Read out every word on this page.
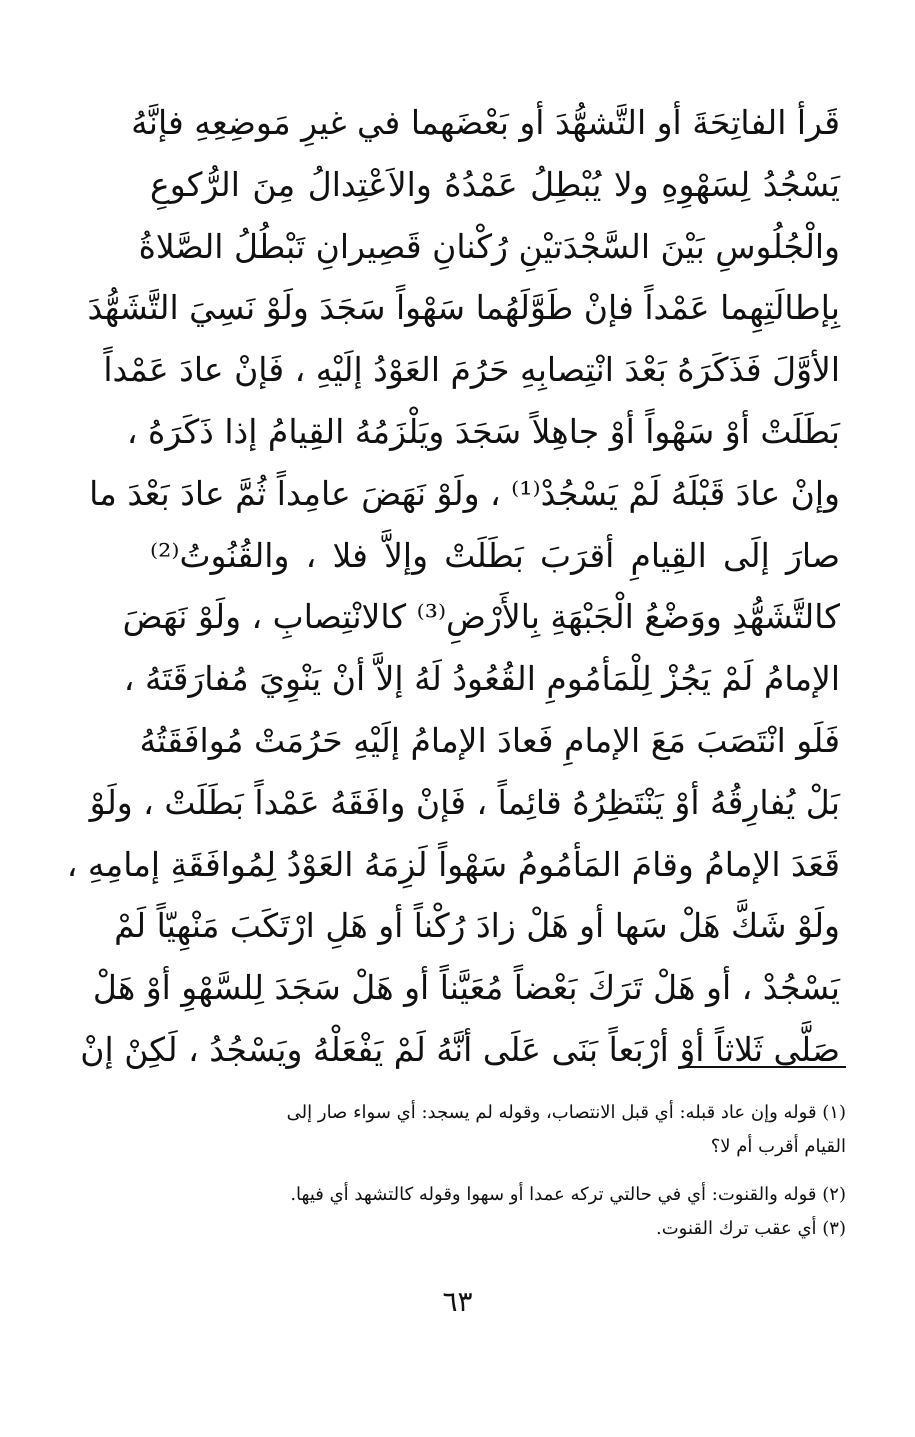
قَرأ الفاتِحَةَ أو التَّشهُّدَ أو بَعْضَهما في غيرِ مَوضِعِهِ فإنَّهُ
يَسْجُدُ لِسَهْوِهِ ولا يُبْطِلُ عَمْدُهُ والاَعْتِدالُ مِنَ الرُّكوعِ
والْجُلُوسِ بَيْنَ السَّجْدَتيْنِ رُكْنانِ قَصِيرانِ تَبْطُلُ الصَّلاةُ
بِإطالَتِهِما عَمْداً فإنْ طَوَّلَهُما سَهْواً سَجَدَ ولَوْ نَسِيَ التَّشَهُّدَ
الأوَّلَ فَذَكَرَهُ بَعْدَ انْتِصابِهِ حَرُمَ العَوْدُ إلَيْهِ ، فَإنْ عادَ عَمْداً
بَطَلَتْ أوْ سَهْواً أوْ جاهِلاً سَجَدَ ويَلْزَمُهُ القِيامُ إذا ذَكَرَهُ ،
وإنْ عادَ قَبْلَهُ لَمْ يَسْجُدْ⁽¹⁾ ، ولَوْ نَهَضَ عامِداً ثُمَّ عادَ بَعْدَ ما
صارَ إلَى القِيامِ أقرَبَ بَطَلَتْ وإلاَّ فلا ، والقُنُوتُ⁽²⁾
كالتَّشَهُّدِ ووَضْعُ الْجَبْهَةِ بِالأَرْضِ⁽³⁾ كالانْتِصابِ ، ولَوْ نَهَضَ
الإمامُ لَمْ يَجُزْ لِلْمَأمُومِ القُعُودُ لَهُ إلاَّ أنْ يَنْوِيَ مُفارَقَتَهُ ،
فَلَو انْتَصَبَ مَعَ الإمامِ فَعادَ الإمامُ إلَيْهِ حَرُمَتْ مُوافَقَتُهُ
بَلْ يُفارِقُهُ أوْ يَنْتَظِرُهُ قائِماً ، فَإنْ وافَقَهُ عَمْداً بَطَلَتْ ، ولَوْ
قَعَدَ الإمامُ وقامَ المَأمُومُ سَهْواً لَزِمَهُ العَوْدُ لِمُوافَقَةِ إمامِهِ ،
ولَوْ شَكَّ هَلْ سَها أو هَلْ زادَ رُكْناً أو هَلِ ارْتَكَبَ مَنْهِيّاً لَمْ
يَسْجُدْ ، أو هَلْ تَرَكَ بَعْضاً مُعَيَّناً أو هَلْ سَجَدَ لِلسَّهْوِ أوْ هَلْ
صَلَّى ثَلاثاً أوْ أرْبَعاً بَنَى عَلَى أنَّهُ لَمْ يَفْعَلْهُ ويَسْجُدُ ، لَكِنْ إنْ
(١) قوله وإن عاد قبله: أي قبل الانتصاب، وقوله لم يسجد: أي سواء صار إلى
القيام أقرب أم لا؟
(٢) قوله والقنوت: أي في حالتي تركه عمدا أو سهوا وقوله كالتشهد أي فيها.
(٣) أي عقب ترك القنوت.
٦٣
